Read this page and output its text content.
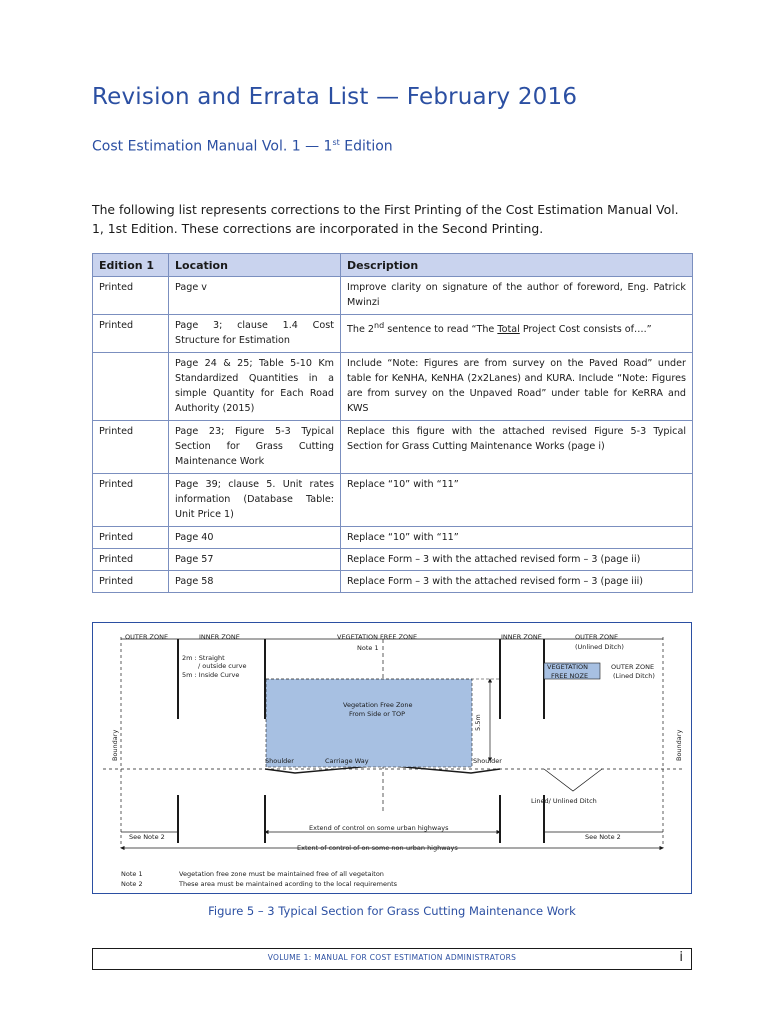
Revision and Errata List — February 2016

Cost Estimation Manual Vol. 1 — 1st Edition

The following list represents corrections to the First Printing of the Cost Estimation Manual Vol. 1, 1st Edition. These corrections are incorporated in the Second Printing.

Edition 1	Location	Description
Printed	Page v	Improve clarity on signature of the author of foreword, Eng. Patrick Mwinzi
Printed	Page 3; clause 1.4 Cost Structure for Estimation	The 2nd sentence to read “The Total Project Cost consists of….”
	Page 24 & 25; Table 5-10 Km Standardized Quantities in a simple Quantity for Each Road Authority (2015)	Include “Note: Figures are from survey on the Paved Road” under table for KeNHA, KeNHA (2x2Lanes) and KURA. Include “Note: Figures are from survey on the Unpaved Road” under table for KeRRA and KWS
Printed	Page 23; Figure 5-3 Typical Section for Grass Cutting Maintenance Work	Replace this figure with the attached revised Figure 5-3 Typical Section for Grass Cutting Maintenance Works (page i)
Printed	Page 39; clause 5. Unit rates information (Database Table: Unit Price 1)	Replace “10” with “11”
Printed	Page 40	Replace “10” with “11”
Printed	Page 57	Replace Form – 3 with the attached revised form – 3 (page ii)
Printed	Page 58	Replace Form – 3 with the attached revised form – 3 (page iii)
OUTER ZONE	INNER ZONE	VEGETATION FREE ZONE
Note 1
INNER ZONE	OUTER ZONE
(Unlined Ditch)
2m : Straight
/ outside curve
5m : Inside Curve
VEGETATION
FREE NOZE
OUTER ZONE
(Lined Ditch)
Vegetation Free Zone
From Side or TOP
Shoulder	Carriage Way	Shoulder
Lined/ Unlined Ditch
Extend of control on some urban highways
See Note 2	See Note 2
Extent of control of on some non-urban highways
5.5m
Boundary	Boundary
Note 1	Vegetation free zone must be maintained free of all vegetaiton
Note 2	These area must be maintained acording to the local requirements

Figure 5 – 3 Typical Section for Grass Cutting Maintenance Work

VOLUME 1: MANUAL FOR COST ESTIMATION ADMINISTRATORS	i
